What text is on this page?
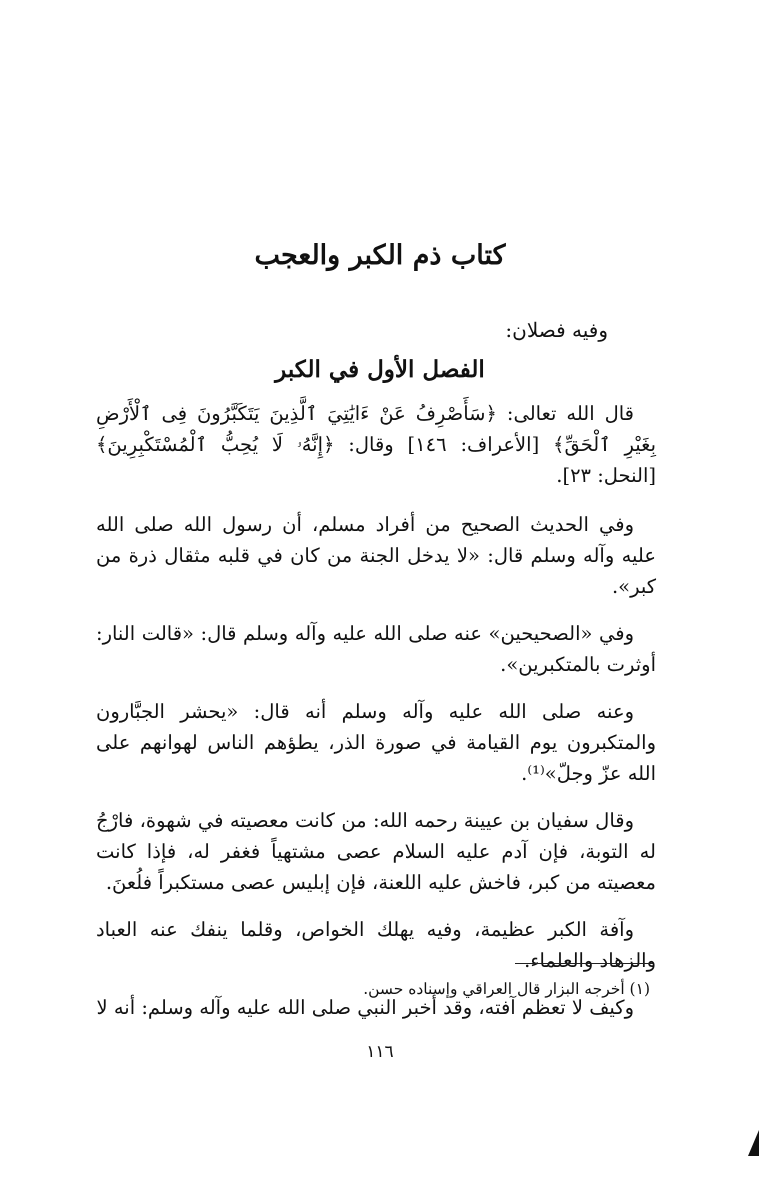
كتاب ذم الكبر والعجب
وفيه فصلان:
الفصل الأول في الكبر

قال الله تعالى: ﴿سَأَصْرِفُ عَنْ ءَايَٰتِيَ ٱلَّذِينَ يَتَكَبَّرُونَ فِى ٱلْأَرْضِ بِغَيْرِ ٱلْحَقِّ﴾ [الأعراف: ١٤٦] وقال: ﴿إِنَّهُۥ لَا يُحِبُّ ٱلْمُسْتَكْبِرِينَ﴾ [النحل: ٢٣].

وفي الحديث الصحيح من أفراد مسلم، أن رسول الله صلى الله عليه وآله وسلم قال: «لا يدخل الجنة من كان في قلبه مثقال ذرة من كبر».

وفي «الصحيحين» عنه صلى الله عليه وآله وسلم قال: «قالت النار: أوثرت بالمتكبرين».

وعنه صلى الله عليه وآله وسلم أنه قال: «يحشر الجبَّارون والمتكبرون يوم القيامة في صورة الذر، يطؤهم الناس لهوانهم على الله عزّ وجلّ»⁽¹⁾.

وقال سفيان بن عيينة رحمه الله: من كانت معصيته في شهوة، فارْجُ له التوبة، فإن آدم عليه السلام عصى مشتهياً فغفر له، فإذا كانت معصيته من كبر، فاخش عليه اللعنة، فإن إبليس عصى مستكبراً فلُعنَ.

وآفة الكبر عظيمة، وفيه يهلك الخواص، وقلما ينفك عنه العباد والزهاد والعلماء.

وكيف لا تعظم آفته، وقد أخبر النبي صلى الله عليه وآله وسلم: أنه لا

(١) أخرجه البزار قال العراقي وإسناده حسن.
١١٦
